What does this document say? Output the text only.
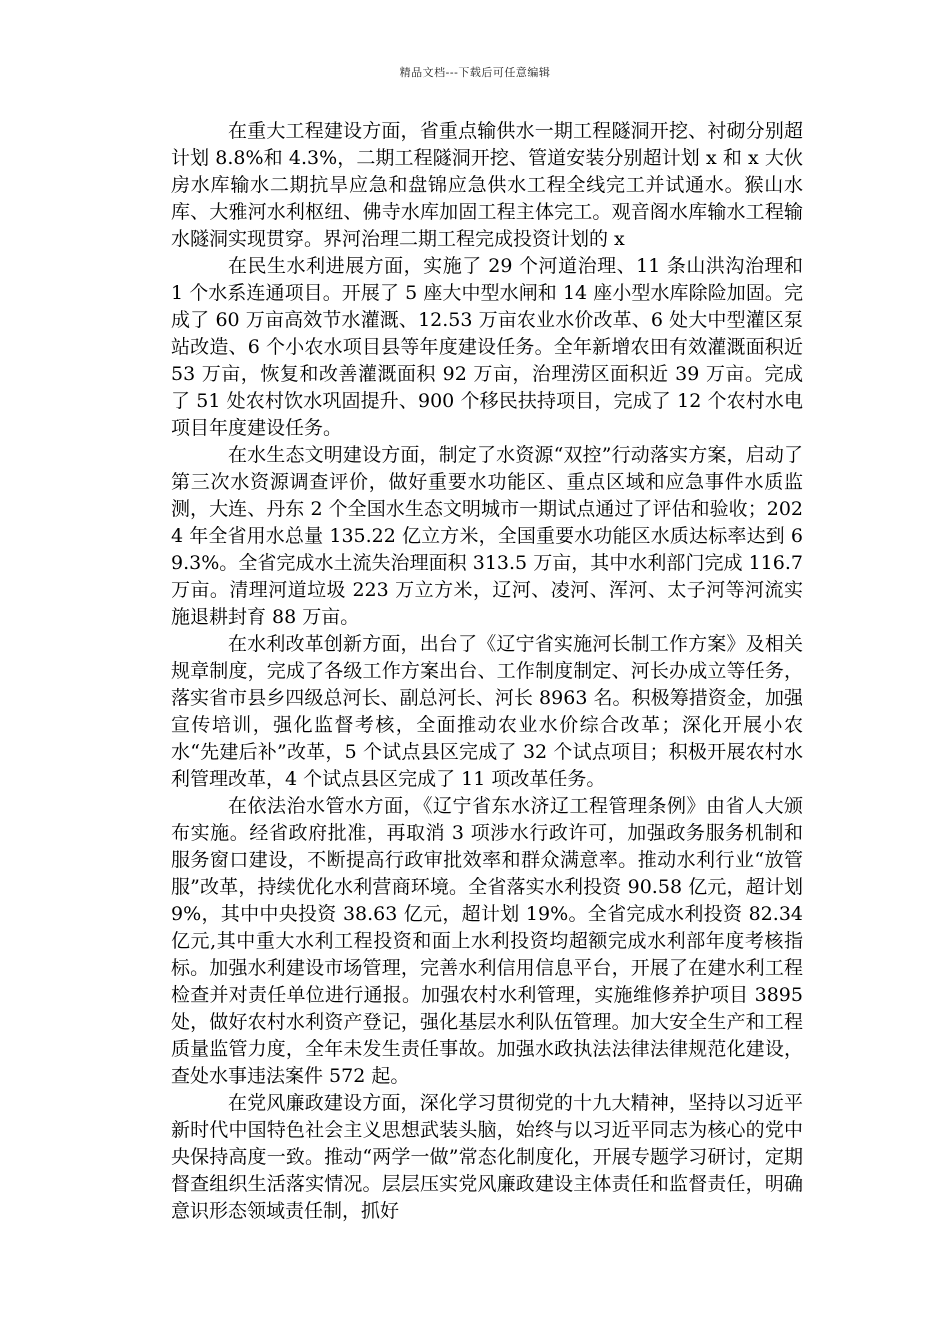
精品文档---下载后可任意编辑

在重大工程建设方面，省重点输供水一期工程隧洞开挖、衬砌分别超计划 8.8%和 4.3%，二期工程隧洞开挖、管道安装分别超计划 x 和 x 大伙房水库输水二期抗旱应急和盘锦应急供水工程全线完工并试通水。猴山水库、大雅河水利枢纽、佛寺水库加固工程主体完工。观音阁水库输水工程输水隧洞实现贯穿。界河治理二期工程完成投资计划的 x

在民生水利进展方面，实施了 29 个河道治理、11 条山洪沟治理和 1 个水系连通项目。开展了 5 座大中型水闸和 14 座小型水库除险加固。完成了 60 万亩高效节水灌溉、12.53 万亩农业水价改革、6 处大中型灌区泵站改造、6 个小农水项目县等年度建设任务。全年新增农田有效灌溉面积近 53 万亩，恢复和改善灌溉面积 92 万亩，治理涝区面积近 39 万亩。完成了 51 处农村饮水巩固提升、900 个移民扶持项目，完成了 12 个农村水电项目年度建设任务。

在水生态文明建设方面，制定了水资源“双控”行动落实方案，启动了第三次水资源调查评价，做好重要水功能区、重点区域和应急事件水质监测，大连、丹东 2 个全国水生态文明城市一期试点通过了评估和验收；2024 年全省用水总量 135.22 亿立方米，全国重要水功能区水质达标率达到 69.3%。全省完成水土流失治理面积 313.5 万亩，其中水利部门完成 116.7 万亩。清理河道垃圾 223 万立方米，辽河、凌河、浑河、太子河等河流实施退耕封育 88 万亩。

在水利改革创新方面，出台了《辽宁省实施河长制工作方案》及相关规章制度，完成了各级工作方案出台、工作制度制定、河长办成立等任务，落实省市县乡四级总河长、副总河长、河长 8963 名。积极筹措资金，加强宣传培训，强化监督考核，全面推动农业水价综合改革；深化开展小农水“先建后补”改革，5 个试点县区完成了 32 个试点项目；积极开展农村水利管理改革，4 个试点县区完成了 11 项改革任务。

在依法治水管水方面，《辽宁省东水济辽工程管理条例》由省人大颁布实施。经省政府批准，再取消 3 项涉水行政许可，加强政务服务机制和服务窗口建设，不断提高行政审批效率和群众满意率。推动水利行业“放管服”改革，持续优化水利营商环境。全省落实水利投资 90.58 亿元，超计划 9%，其中中央投资 38.63 亿元，超计划 19%。全省完成水利投资 82.34 亿元,其中重大水利工程投资和面上水利投资均超额完成水利部年度考核指标。加强水利建设市场管理，完善水利信用信息平台，开展了在建水利工程检查并对责任单位进行通报。加强农村水利管理，实施维修养护项目 3895 处，做好农村水利资产登记，强化基层水利队伍管理。加大安全生产和工程质量监管力度，全年未发生责任事故。加强水政执法法律法律规范化建设，查处水事违法案件 572 起。

在党风廉政建设方面，深化学习贯彻党的十九大精神，坚持以习近平新时代中国特色社会主义思想武装头脑，始终与以习近平同志为核心的党中央保持高度一致。推动“两学一做”常态化制度化，开展专题学习研讨，定期督查组织生活落实情况。层层压实党风廉政建设主体责任和监督责任，明确意识形态领域责任制，抓好
